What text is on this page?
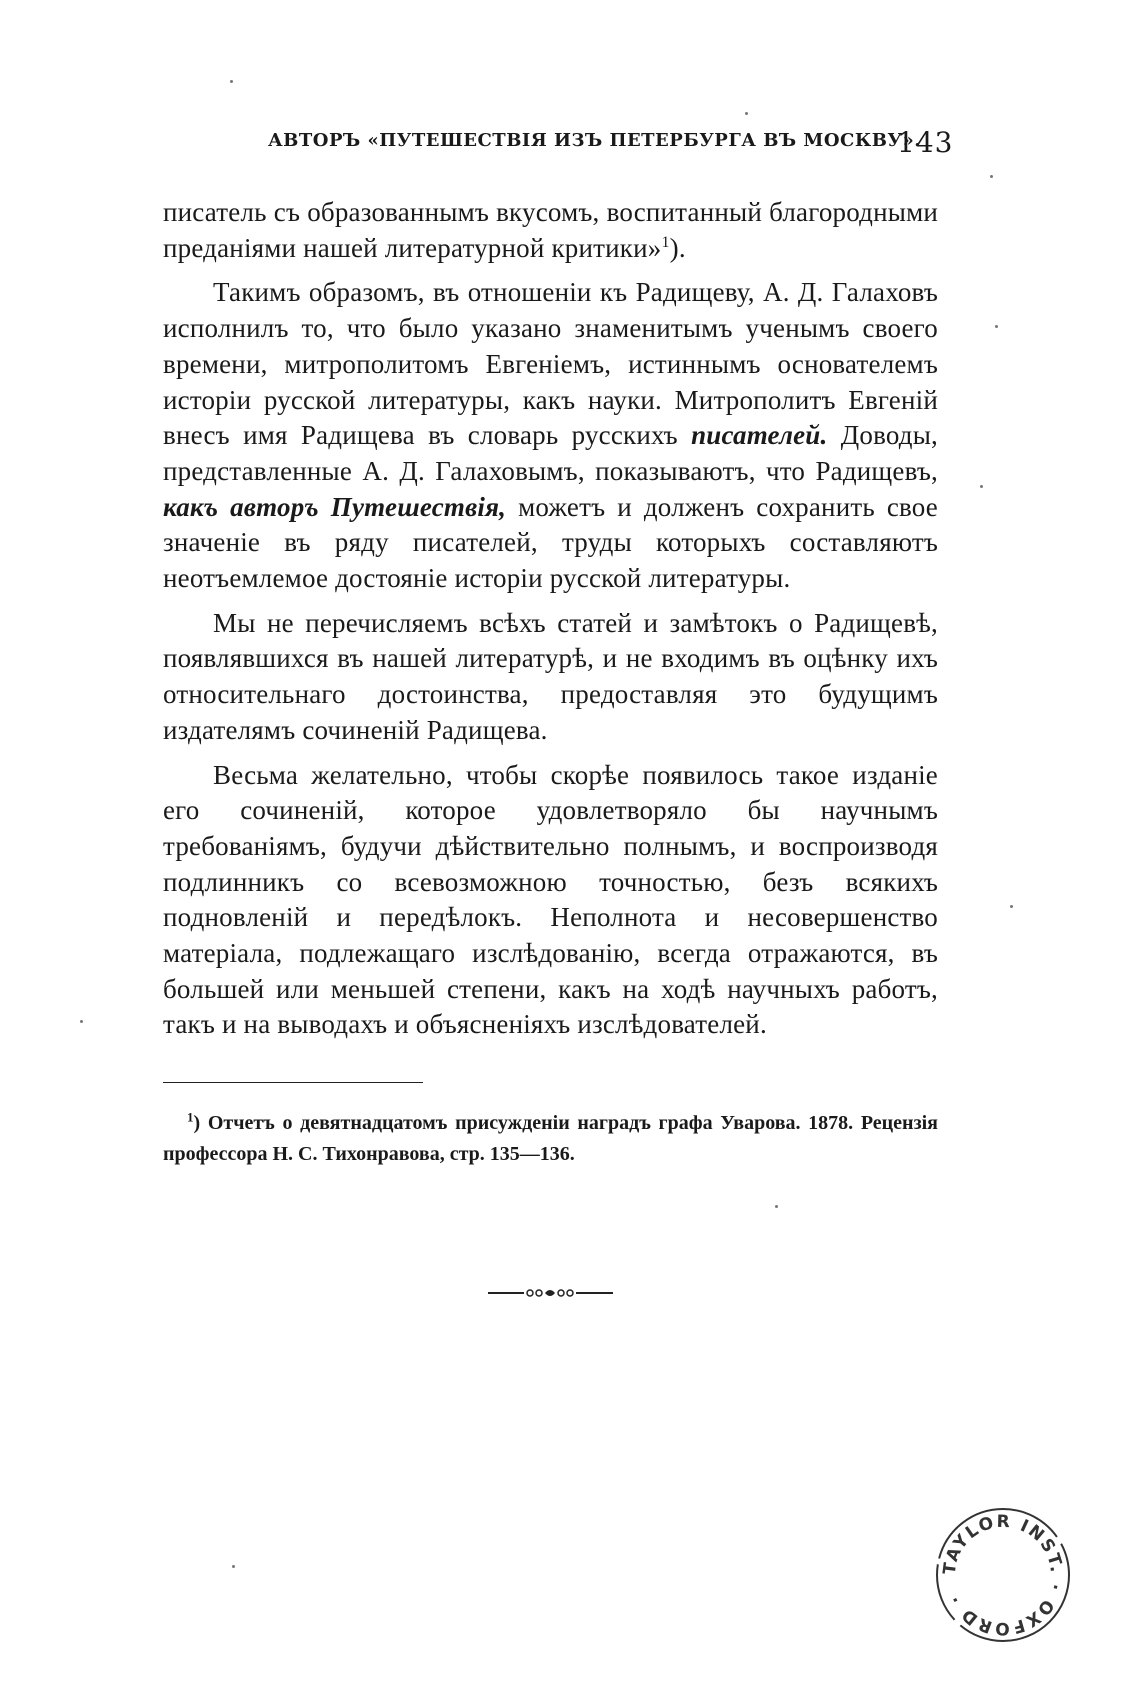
АВТОРЪ «ПУТЕШЕСТВІЯ ИЗЪ ПЕТЕРБУРГА ВЪ МОСКВУ».
143

писатель съ образованнымъ вкусомъ, воспитанный благородными преданіями нашей литературной критики»$^1$).

Такимъ образомъ, въ отношеніи къ Радищеву, А. Д. Галаховъ исполнилъ то, что было указано знаменитымъ ученымъ своего времени, митрополитомъ Евгеніемъ, истиннымъ основателемъ исторіи русской литературы, какъ науки. Митрополитъ Евгеній внесъ имя Радищева въ словарь русскихъ писателей. Доводы, представленные А. Д. Галаховымъ, показываютъ, что Радищевъ, какъ авторъ Путешествія, можетъ и долженъ сохранить свое значеніе въ ряду писателей, труды которыхъ составляютъ неотъемлемое достояніе исторіи русской литературы.

Мы не перечисляемъ всѣхъ статей и замѣтокъ о Радищевѣ, появлявшихся въ нашей литературѣ, и не входимъ въ оцѣнку ихъ относительнаго достоинства, предоставляя это будущимъ издателямъ сочиненій Радищева.

Весьма желательно, чтобы скорѣе появилось такое изданіе его сочиненій, которое удовлетворяло бы научнымъ требованіямъ, будучи дѣйствительно полнымъ, и воспроизводя подлинникъ со всевозможною точностью, безъ всякихъ подновленій и передѣлокъ. Неполнота и несовершенство матеріала, подлежащаго изслѣдованію, всегда отражаются, въ большей или меньшей степени, какъ на ходѣ научныхъ работъ, такъ и на выводахъ и объясненіяхъ изслѣдователей.

$^1$) Отчетъ о девятнадцатомъ присужденіи наградъ графа Уварова. 1878. Рецензія профессора Н. С. Тихонравова, стр. 135—136.

TAYLOR INST. · OXFORD ·
